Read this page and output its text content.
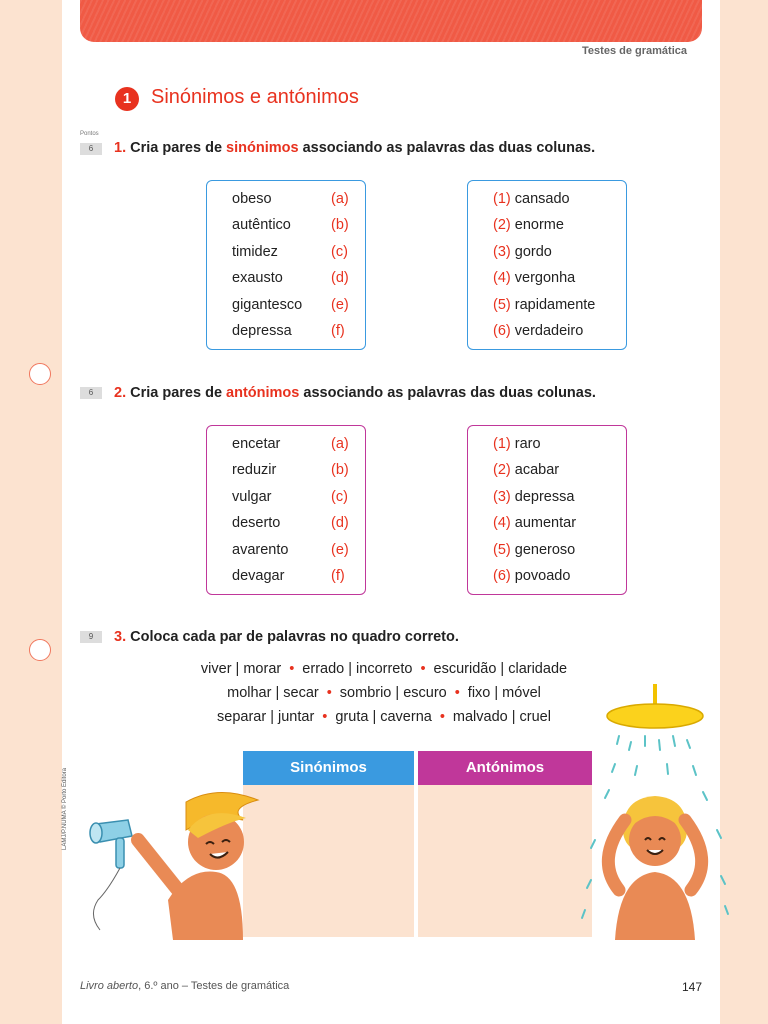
Testes de gramática
1 Sinónimos e antónimos
Pontos
6	1. Cria pares de sinónimos associando as palavras das duas colunas.
obeso	(a)
autêntico	(b)
timidez	(c)
exausto	(d)
gigantesco (e)
depressa	(f)
(1) cansado
(2) enorme
(3) gordo
(4) vergonha
(5) rapidamente
(6) verdadeiro
6	2. Cria pares de antónimos associando as palavras das duas colunas.
encetar	(a)
reduzir	(b)
vulgar	(c)
deserto	(d)
avarento	(e)
devagar	(f)
(1) raro
(2) acabar
(3) depressa
(4) aumentar
(5) generoso
(6) povoado
9	3. Coloca cada par de palavras no quadro correto.
viver | morar • errado | incorreto • escuridão | claridade
molhar | secar • sombrio | escuro • fixo | móvel
separar | juntar • gruta | caverna • malvado | cruel
Sinónimos	Antónimos
LAMJ/P.NUMA © Porto Editora
Livro aberto, 6.º ano – Testes de gramática	147
